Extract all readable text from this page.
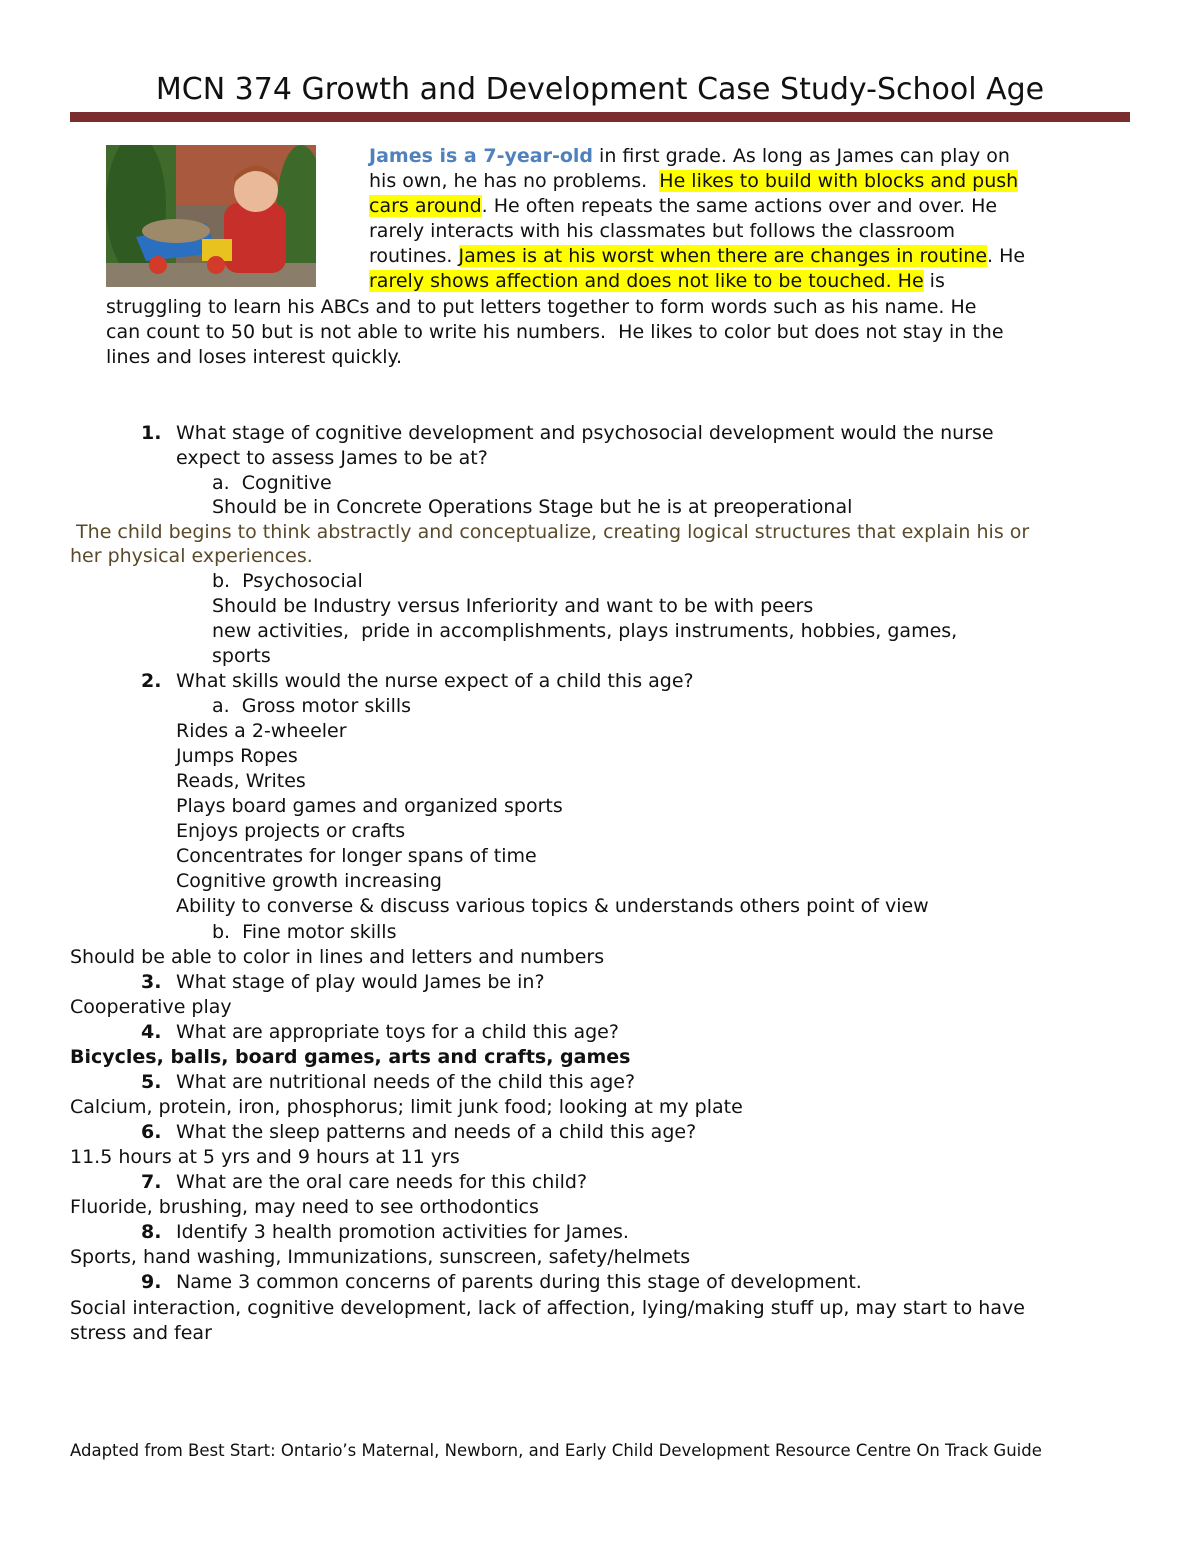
MCN 374 Growth and Development Case Study-School Age
James is a 7-year-old in first grade. As long as James can play on
his own, he has no problems.  He likes to build with blocks and push
cars around. He often repeats the same actions over and over. He
rarely interacts with his classmates but follows the classroom
routines. James is at his worst when there are changes in routine. He
rarely shows affection and does not like to be touched. He is
struggling to learn his ABCs and to put letters together to form words such as his name. He
can count to 50 but is not able to write his numbers.  He likes to color but does not stay in the
lines and loses interest quickly.
1. What stage of cognitive development and psychosocial development would the nurse
expect to assess James to be at?
a.  Cognitive
Should be in Concrete Operations Stage but he is at preoperational
The child begins to think abstractly and conceptualize, creating logical structures that explain his or
her physical experiences.
b.  Psychosocial
Should be Industry versus Inferiority and want to be with peers
new activities,  pride in accomplishments, plays instruments, hobbies, games,
sports
2. What skills would the nurse expect of a child this age?
a.  Gross motor skills
Rides a 2-wheeler
Jumps Ropes
Reads, Writes
Plays board games and organized sports
Enjoys projects or crafts
Concentrates for longer spans of time
Cognitive growth increasing
Ability to converse & discuss various topics & understands others point of view
b.  Fine motor skills
Should be able to color in lines and letters and numbers
3. What stage of play would James be in?
Cooperative play
4. What are appropriate toys for a child this age?
Bicycles, balls, board games, arts and crafts, games
5. What are nutritional needs of the child this age?
Calcium, protein, iron, phosphorus; limit junk food; looking at my plate
6. What the sleep patterns and needs of a child this age?
11.5 hours at 5 yrs and 9 hours at 11 yrs
7. What are the oral care needs for this child?
Fluoride, brushing, may need to see orthodontics
8. Identify 3 health promotion activities for James.
Sports, hand washing, Immunizations, sunscreen, safety/helmets
9. Name 3 common concerns of parents during this stage of development.
Social interaction, cognitive development, lack of affection, lying/making stuff up, may start to have
stress and fear
Adapted from Best Start: Ontario’s Maternal, Newborn, and Early Child Development Resource Centre On Track Guide
